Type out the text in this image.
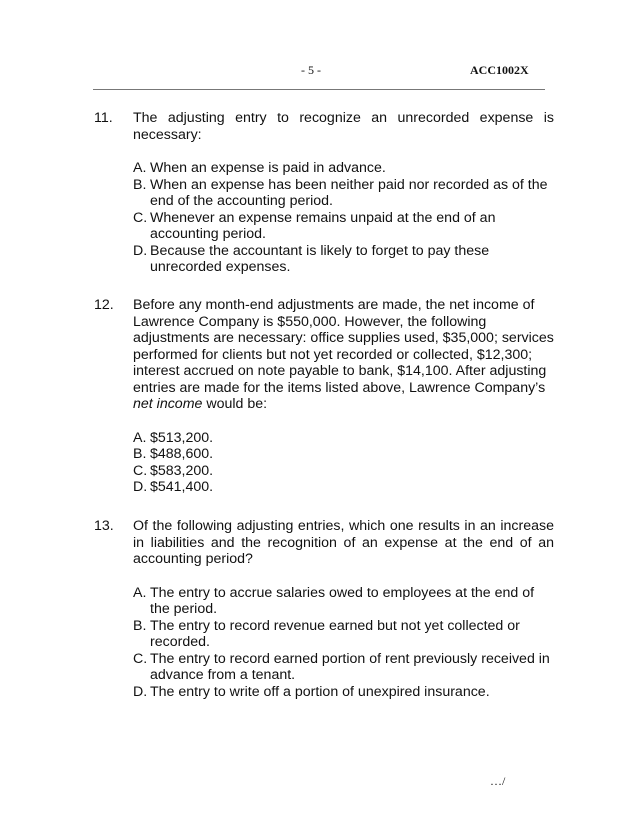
- 5 -	ACC1002X
11. The adjusting entry to recognize an unrecorded expense is necessary:
A. When an expense is paid in advance.
B. When an expense has been neither paid nor recorded as of the end of the accounting period.
C. Whenever an expense remains unpaid at the end of an accounting period.
D. Because the accountant is likely to forget to pay these unrecorded expenses.
12. Before any month-end adjustments are made, the net income of Lawrence Company is $550,000. However, the following adjustments are necessary: office supplies used, $35,000; services performed for clients but not yet recorded or collected, $12,300; interest accrued on note payable to bank, $14,100. After adjusting entries are made for the items listed above, Lawrence Company’s
net income would be:
A. $513,200.
B. $488,600.
C. $583,200.
D. $541,400.
13. Of the following adjusting entries, which one results in an increase in liabilities and the recognition of an expense at the end of an accounting period?
A. The entry to accrue salaries owed to employees at the end of the period.
B. The entry to record revenue earned but not yet collected or recorded.
C. The entry to record earned portion of rent previously received in advance from a tenant.
D. The entry to write off a portion of unexpired insurance.
…/
